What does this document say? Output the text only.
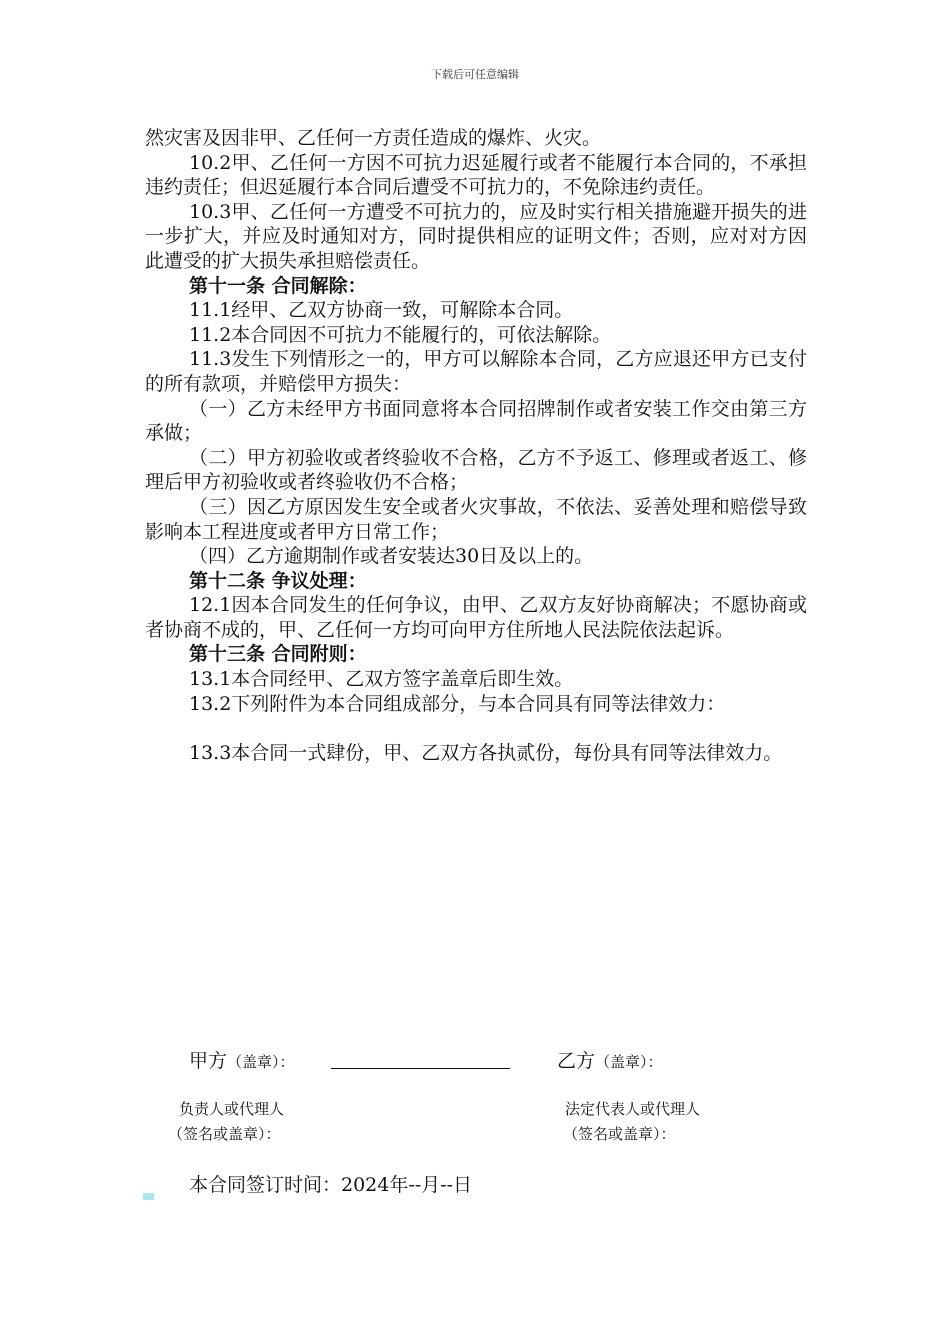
下载后可任意编辑

然灾害及因非甲、乙任何一方责任造成的爆炸、火灾。

10.2甲、乙任何一方因不可抗力迟延履行或者不能履行本合同的，不承担违约责任；但迟延履行本合同后遭受不可抗力的，不免除违约责任。

10.3甲、乙任何一方遭受不可抗力的，应及时实行相关措施避开损失的进一步扩大，并应及时通知对方，同时提供相应的证明文件；否则，应对对方因此遭受的扩大损失承担赔偿责任。

第十一条 合同解除：

11.1经甲、乙双方协商一致，可解除本合同。

11.2本合同因不可抗力不能履行的，可依法解除。

11.3发生下列情形之一的，甲方可以解除本合同，乙方应退还甲方已支付的所有款项，并赔偿甲方损失：

（一）乙方未经甲方书面同意将本合同招牌制作或者安装工作交由第三方承做；

（二）甲方初验收或者终验收不合格，乙方不予返工、修理或者返工、修理后甲方初验收或者终验收仍不合格；

（三）因乙方原因发生安全或者火灾事故，不依法、妥善处理和赔偿导致影响本工程进度或者甲方日常工作；

（四）乙方逾期制作或者安装达30日及以上的。

第十二条 争议处理：

12.1因本合同发生的任何争议，由甲、乙双方友好协商解决；不愿协商或者协商不成的，甲、乙任何一方均可向甲方住所地人民法院依法起诉。

第十三条 合同附则：

13.1本合同经甲、乙双方签字盖章后即生效。

13.2下列附件为本合同组成部分，与本合同具有同等法律效力：

13.3本合同一式肆份，甲、乙双方各执贰份，每份具有同等法律效力。

甲方（盖章）：	乙方（盖章）：
负责人或代理人
（签名或盖章）：
法定代表人或代理人
（签名或盖章）：
本合同签订时间：2024年--月--日
